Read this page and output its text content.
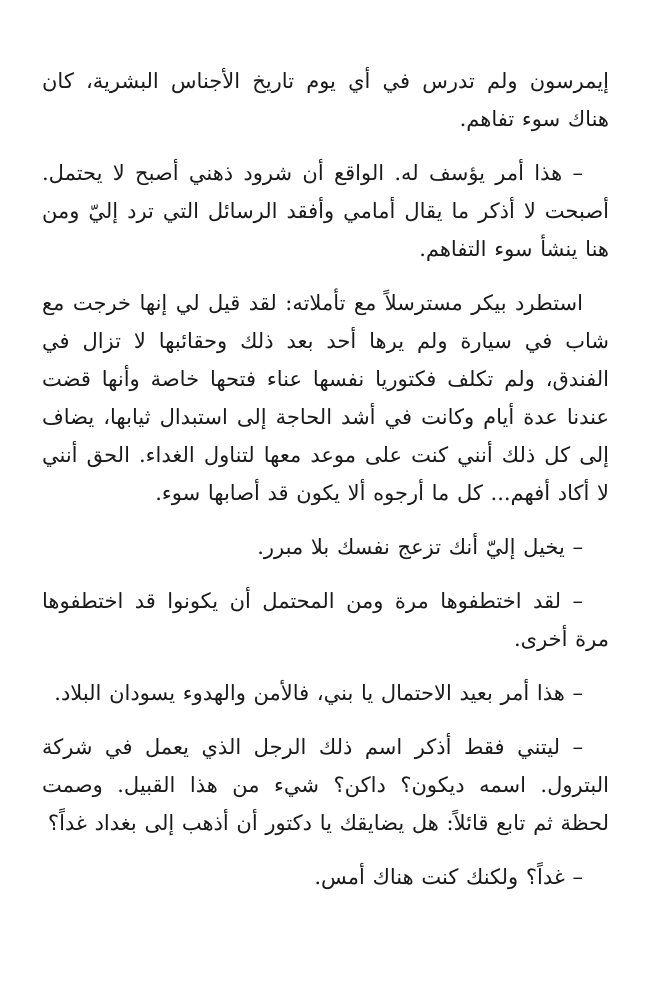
إيمرسون ولم تدرس في أي يوم تاريخ الأجناس البشرية، كان هناك سوء تفاهم.

– هذا أمر يؤسف له. الواقع أن شرود ذهني أصبح لا يحتمل. أصبحت لا أذكر ما يقال أمامي وأفقد الرسائل التي ترد إليّ ومن هنا ينشأ سوء التفاهم.

استطرد بيكر مسترسلاً مع تأملاته: لقد قيل لي إنها خرجت مع شاب في سيارة ولم يرها أحد بعد ذلك وحقائبها لا تزال في الفندق، ولم تكلف فكتوريا نفسها عناء فتحها خاصة وأنها قضت عندنا عدة أيام وكانت في أشد الحاجة إلى استبدال ثيابها، يضاف إلى كل ذلك أنني كنت على موعد معها لتناول الغداء. الحق أنني لا أكاد أفهم... كل ما أرجوه ألا يكون قد أصابها سوء.

– يخيل إليّ أنك تزعج نفسك بلا مبرر.

– لقد اختطفوها مرة ومن المحتمل أن يكونوا قد اختطفوها مرة أخرى.

– هذا أمر بعيد الاحتمال يا بني، فالأمن والهدوء يسودان البلاد.

– ليتني فقط أذكر اسم ذلك الرجل الذي يعمل في شركة البترول. اسمه ديكون؟ داكن؟ شيء من هذا القبيل. وصمت لحظة ثم تابع قائلاً: هل يضايقك يا دكتور أن أذهب إلى بغداد غداً؟

– غداً؟ ولكنك كنت هناك أمس.
